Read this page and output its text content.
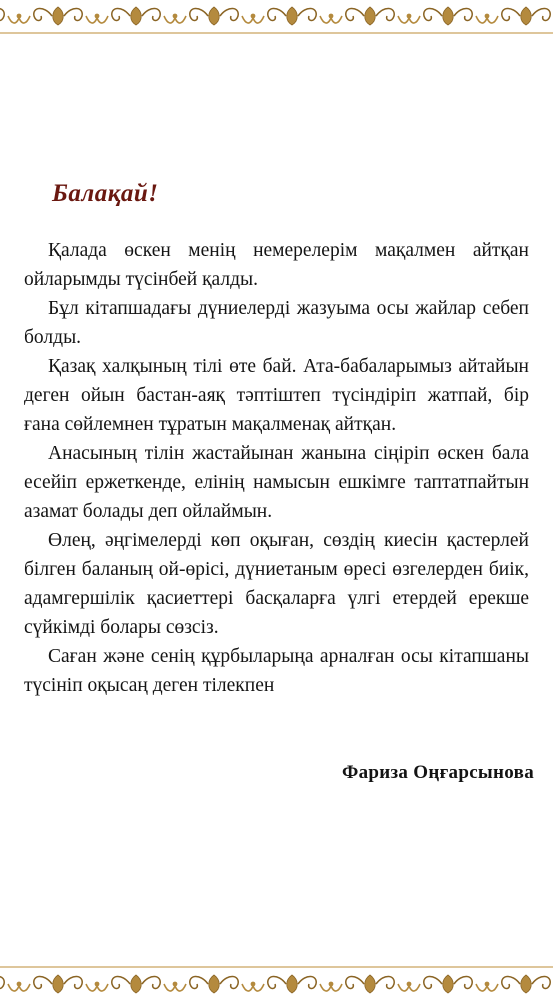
Балақай!

Қалада өскен менің немерелерім мақалмен айтқан ойларымды түсінбей қалды.

Бұл кітапшадағы дүниелерді жазуыма осы жайлар себеп болды.

Қазақ халқының тілі өте бай. Ата-бабаларымыз айтайын деген ойын бастан-аяқ тәптіштеп түсіндіріп жатпай, бір ғана сөйлемнен тұратын мақалменақ айтқан.

Анасының тілін жастайынан жанына сіңіріп өскен бала есейіп ержеткенде, елінің намысын ешкімге таптатпайтын азамат болады деп ойлаймын.

Өлең, әңгімелерді көп оқыған, сөздің киесін қастерлей білген баланың ой-өрісі, дүниетаным өресі өзгелерден биік, адамгершілік қасиеттері басқаларға үлгі етердей ерекше сүйкімді болары сөзсіз.

Саған және сенің құрбыларыңа арналған осы кітапшаны түсініп оқысаң деген тілекпен

Фариза Оңғарсынова
